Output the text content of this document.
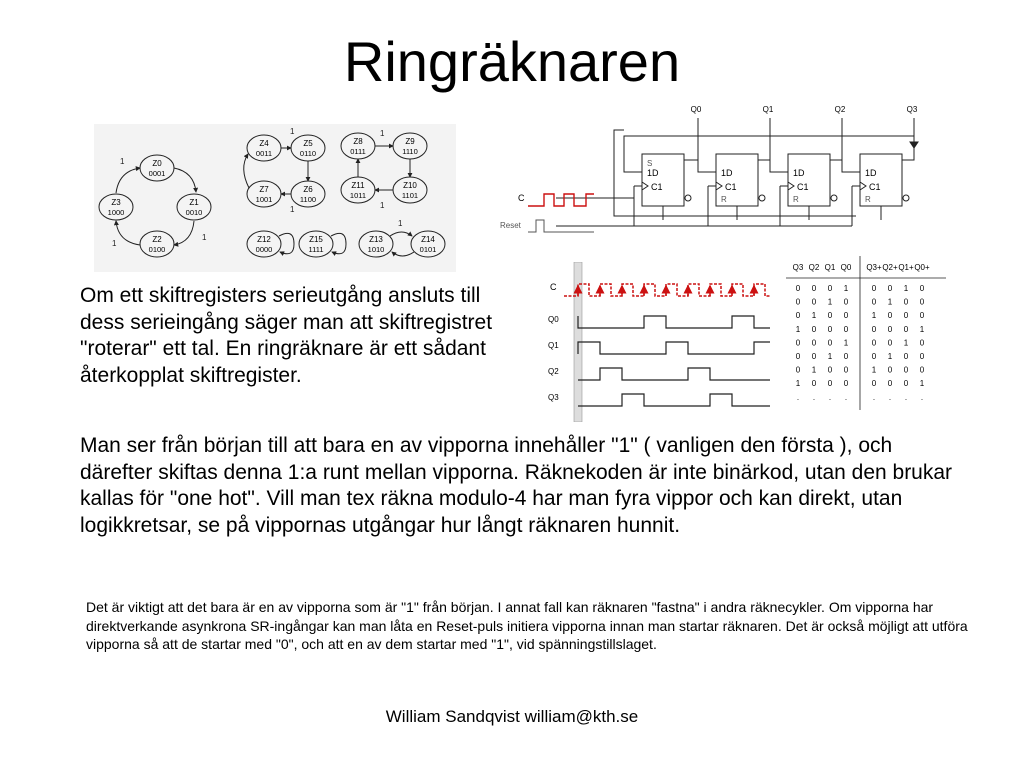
Ringräknaren
Z0
0001
Z1
0010
Z2
0100
Z3
1000
1
1
1
Z4
0011
Z5
0110
Z6
1100
Z7
1001
1
1
Z8
0111
Z9
1110
Z10
1101
Z11
1011
1
1
Z12
0000
Z15
1111
Z13
1010
Z14
0101
1
S
1D
C1
1D
C1
R
1D
C1
R
1D
C1
R
Q0	Q1	Q2	Q3
C
Reset
C
Q0
Q1
Q2
Q3
Q3 Q2 Q1 Q0 Q3+ Q2+ Q1+ Q0+
0 0 0 1	0 0 1 0
0 0 1 0	0 1 0 0
0 1 0 0	1 0 0 0
1 0 0 0	0 0 0 1
0 0 0 1	0 0 1 0
0 0 1 0	0 1 0 0
0 1 0 0	1 0 0 0
1 0 0 0	0 0 0 1
. . . .	. . . .

Om ett skiftregisters serieutgång ansluts till dess serieingång säger man att skiftregistret "roterar" ett tal. En ringräknare är ett sådant återkopplat skiftregister.

Man ser från början till att bara en av vipporna innehåller "1" ( vanligen den första ), och därefter skiftas denna 1:a runt mellan vipporna. Räknekoden är inte binärkod, utan den brukar kallas för "one hot". Vill man tex räkna modulo-4 har man fyra vippor och kan direkt, utan logikkretsar, se på vippornas utgångar hur långt räknaren hunnit.

Det är viktigt att det bara är en av vipporna som är "1" från början. I annat fall kan räknaren "fastna" i andra räknecykler. Om vipporna har direktverkande asynkrona SR-ingångar kan man låta en Reset-puls initiera vipporna innan man startar räknaren. Det är också möjligt att utföra vipporna så att de startar med "0", och att en av dem startar med "1", vid spänningstillslaget.

William Sandqvist william@kth.se
